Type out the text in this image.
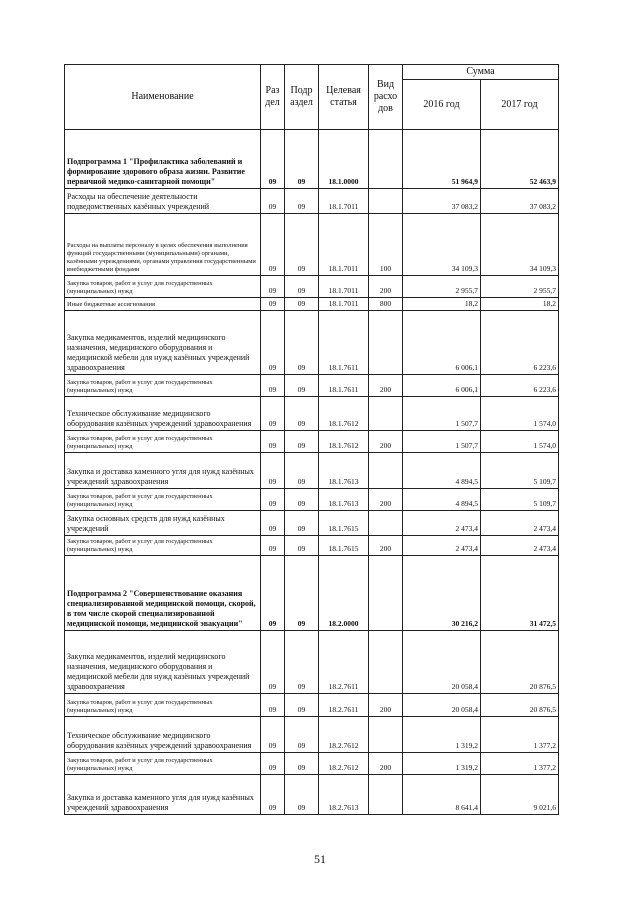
Наименование	Раз дел	Подр аздел	Целевая статья	Вид расхо дов	Сумма	
					2016 год	2017 год
Подпрограмма 1 "Профилактика заболеваний и формирование здорового образа жизни. Развитие первичной медико-санитарной помощи"	09	09	18.1.0000		51 964,9	52 463,9
Расходы на обеспечение деятельности подведомственных казённых учреждений	09	09	18.1.7011		37 083,2	37 083,2
Расходы на выплаты персоналу в целях обеспечения выполнения функций государственными (муниципальными) органами, казёнными учреждениями, органами управления государственными внебюджетными фондами	09	09	18.1.7011	100	34 109,3	34 109,3
Закупка товаров, работ и услуг для государственных (муниципальных) нужд	09	09	18.1.7011	200	2 955,7	2 955,7
Иные бюджетные ассигнования	09	09	18.1.7011	800	18,2	18,2
Закупка медикаментов, изделий медицинского назначения, медицинского оборудования и медицинской мебели для нужд казённых учреждений здравоохранения	09	09	18.1.7611		6 006,1	6 223,6
Закупка товаров, работ и услуг для государственных (муниципальных) нужд	09	09	18.1.7611	200	6 006,1	6 223,6
Техническое обслуживание медицинского оборудования казённых учреждений здравоохранения	09	09	18.1.7612		1 507,7	1 574,0
Закупка товаров, работ и услуг для государственных (муниципальных) нужд	09	09	18.1.7612	200	1 507,7	1 574,0
Закупка и доставка каменного угля для нужд казённых учреждений здравоохранения	09	09	18.1.7613		4 894,5	5 109,7
Закупка товаров, работ и услуг для государственных (муниципальных) нужд	09	09	18.1.7613	200	4 894,5	5 109,7
Закупка основных средств для нужд казённых учреждений	09	09	18.1.7615		2 473,4	2 473,4
Закупка товаров, работ и услуг для государственных (муниципальных) нужд	09	09	18.1.7615	200	2 473,4	2 473,4
Подпрограмма 2 "Совершенствование оказания специализированной медицинской помощи, скорой, в том числе скорой специализированной медицинской помощи, медицинской эвакуации"	09	09	18.2.0000		30 216,2	31 472,5
Закупка медикаментов, изделий медицинского назначения, медицинского оборудования и медицинской мебели для нужд казённых учреждений здравоохранения	09	09	18.2.7611		20 058,4	20 876,5
Закупка товаров, работ и услуг для государственных (муниципальных) нужд	09	09	18.2.7611	200	20 058,4	20 876,5
Техническое обслуживание медицинского оборудования казённых учреждений здравоохранения	09	09	18.2.7612		1 319,2	1 377,2
Закупка товаров, работ и услуг для государственных (муниципальных) нужд	09	09	18.2.7612	200	1 319,2	1 377,2
Закупка и доставка каменного угля для нужд казённых учреждений здравоохранения	09	09	18.2.7613		8 641,4	9 021,6
51
